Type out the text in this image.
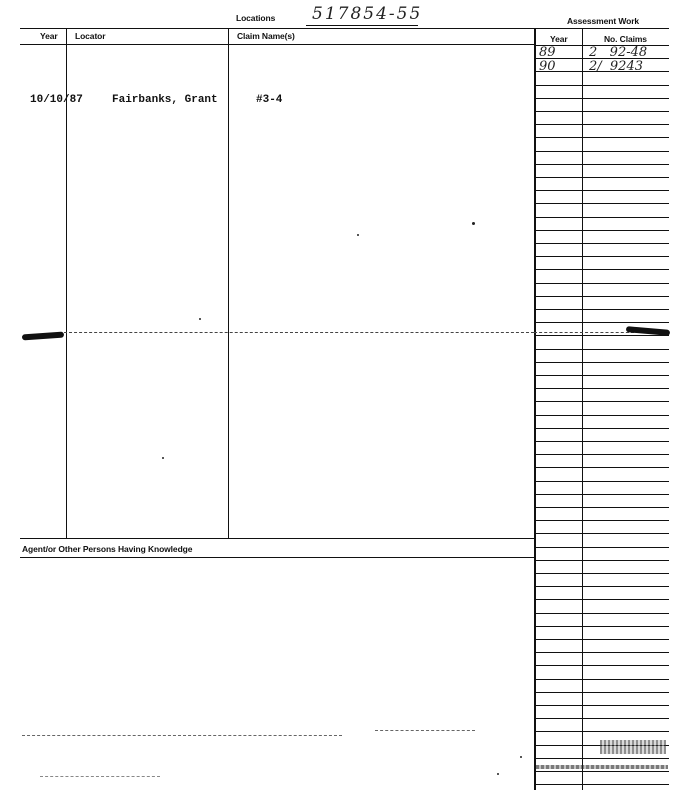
Locations 517854-55	Assessment Work
Year Locator	Claim Name(s)	Year	No. Claims
Agent/or Other Persons Having Knowledge
10/10/87	Fairbanks, Grant	#3-4
89	2   92-48
90	2/  9243
